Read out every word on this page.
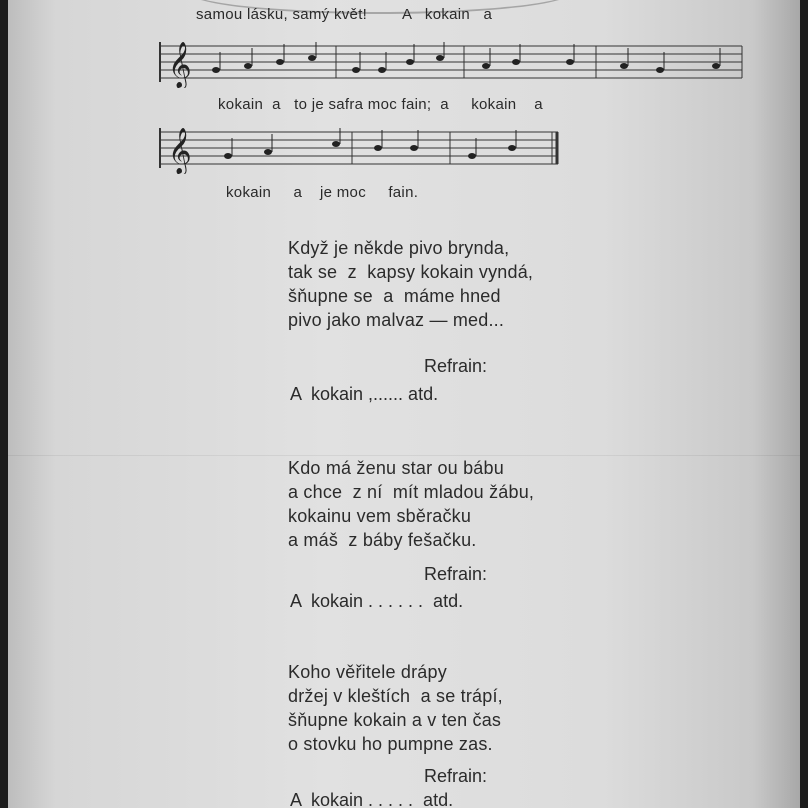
samou lásku, samý květ!        A   kokain   a
𝄞
kokain  a   to je safra moc fain;  a     kokain    a
𝄞
kokain     a    je moc     fain.
Když je někde pivo brynda,
tak se  z  kapsy kokain vyndá,
šňupne se  a  máme hned
pivo jako malvaz — med...
Refrain:
A  kokain ,...... atd.
Kdo má ženu star ou bábu
a chce  z ní  mít mladou žábu,
kokainu vem sběračku
a máš  z báby fešačku.
Refrain:
A  kokain . . . . . .  atd.
Koho věřitele drápy
držej v kleštích  a se trápí,
šňupne kokain a v ten čas
o stovku ho pumpne zas.
Refrain:
A  kokain . . . . .  atd.
